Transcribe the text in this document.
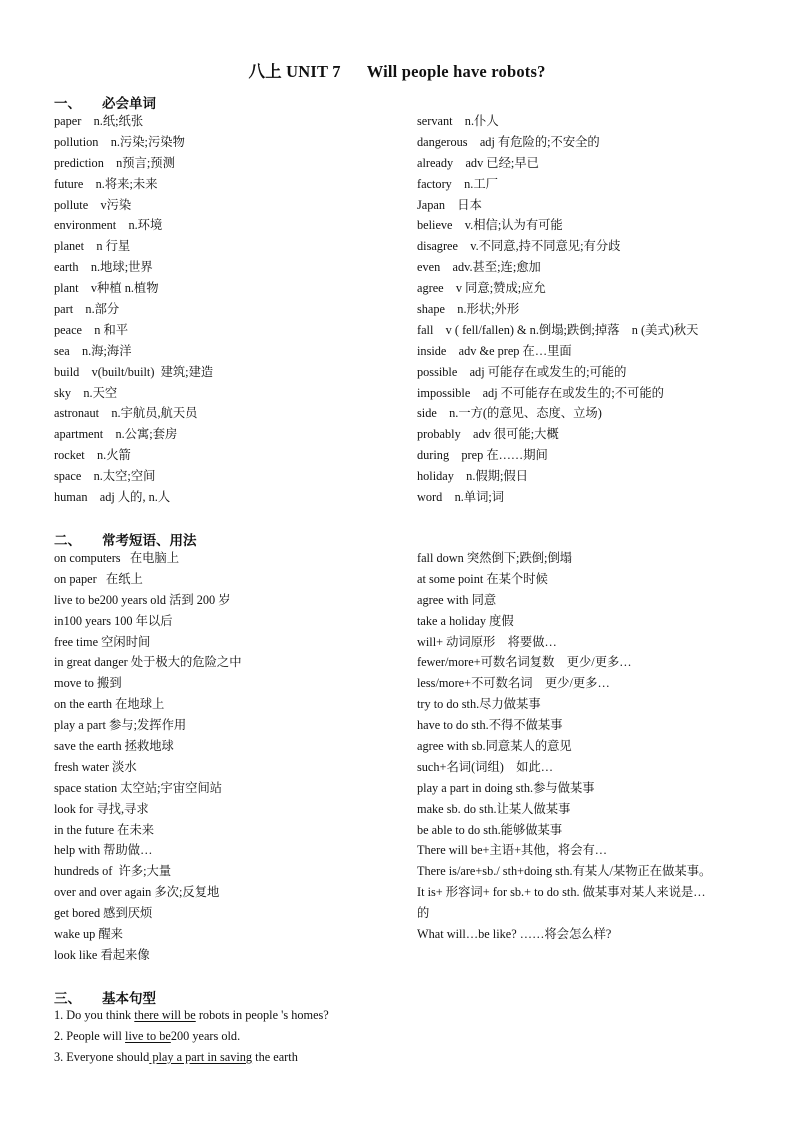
八上 UNIT 7 Will people have robots?
一、 必会单词
paper    n.纸;纸张
pollution    n.污染;污染物
prediction    n预言;预测
future    n.将来;未来
pollute    v污染
environment    n.环境
planet    n 行星
earth    n.地球;世界
plant    v种植 n.植物
part    n.部分
peace    n 和平
sea    n.海;海洋
build    v(built/built)  建筑;建造
sky    n.天空
astronaut    n.宇航员,航天员
apartment    n.公寓;套房
rocket    n.火箭
space    n.太空;空间
human    adj 人的, n.人
servant    n.仆人
dangerous    adj 有危险的;不安全的
already    adv 已经;早已
factory    n.工厂
Japan    日本
believe    v.相信;认为有可能
disagree    v.不同意,持不同意见;有分歧
even    adv.甚至;连;愈加
agree    v 同意;赞成;应允
shape    n.形状;外形
fall    v ( fell/fallen) & n.倒塌;跌倒;掉落    n (美式)秋天
inside    adv &e prep 在…里面
possible    adj 可能存在或发生的;可能的
impossible    adj 不可能存在或发生的;不可能的
side    n.一方(的意见、态度、立场)
probably    adv 很可能;大概
during    prep 在……期间
holiday    n.假期;假日
word    n.单词;词
二、 常考短语、用法
on computers   在电脑上
on paper   在纸上
live to be200 years old 活到 200 岁
in100 years 100 年以后
free time 空闲时间
in great danger 处于极大的危险之中
move to 搬到
on the earth 在地球上
play a part 参与;发挥作用
save the earth 拯救地球
fresh water 淡水
space station 太空站;宇宙空间站
look for 寻找,寻求
in the future 在未来
help with 帮助做…
hundreds of  许多;大量
over and over again 多次;反复地
get bored 感到厌烦
wake up 醒来
look like 看起来像
fall down 突然倒下;跌倒;倒塌
at some point 在某个时候
agree with 同意
take a holiday 度假
will+ 动词原形    将要做…
fewer/more+可数名词复数    更少/更多…
less/more+不可数名词    更少/更多…
try to do sth.尽力做某事
have to do sth.不得不做某事
agree with sb.同意某人的意见
such+名词(词组)    如此…
play a part in doing sth.参与做某事
make sb. do sth.让某人做某事
be able to do sth.能够做某事
There will be+主语+其他，将会有…
There is/are+sb./ sth+doing sth.有某人/某物正在做某事。
It is+ 形容词+ for sb.+ to do sth. 做某事对某人来说是…
的
What will…be like? ……将会怎么样?
三、 基本句型
1. Do you think there will be robots in people 's homes?
2. People will live to be200 years old.
3. Everyone should play a part in saving the earth
